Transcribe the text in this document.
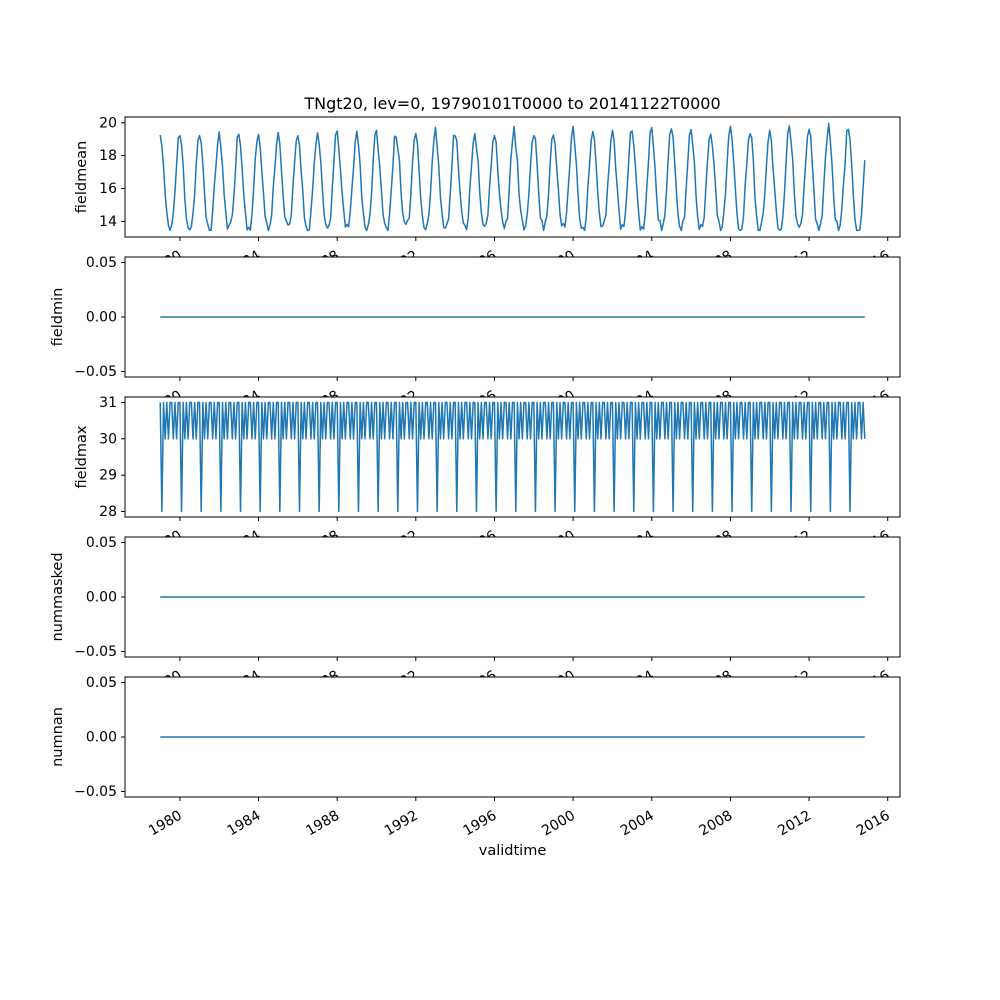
TNgt20, lev=0, 19790101T0000 to 20141122T0000
14
16
18
20
fieldmean
−0.05
0.00
0.05
fieldmin
28
29
30
31
fieldmax
−0.05
0.00
0.05
nummasked
1980	1984	1988	1992	1996	2000	2004	2008	2012	2016
−0.05
0.00
0.05
numnan
validtime
